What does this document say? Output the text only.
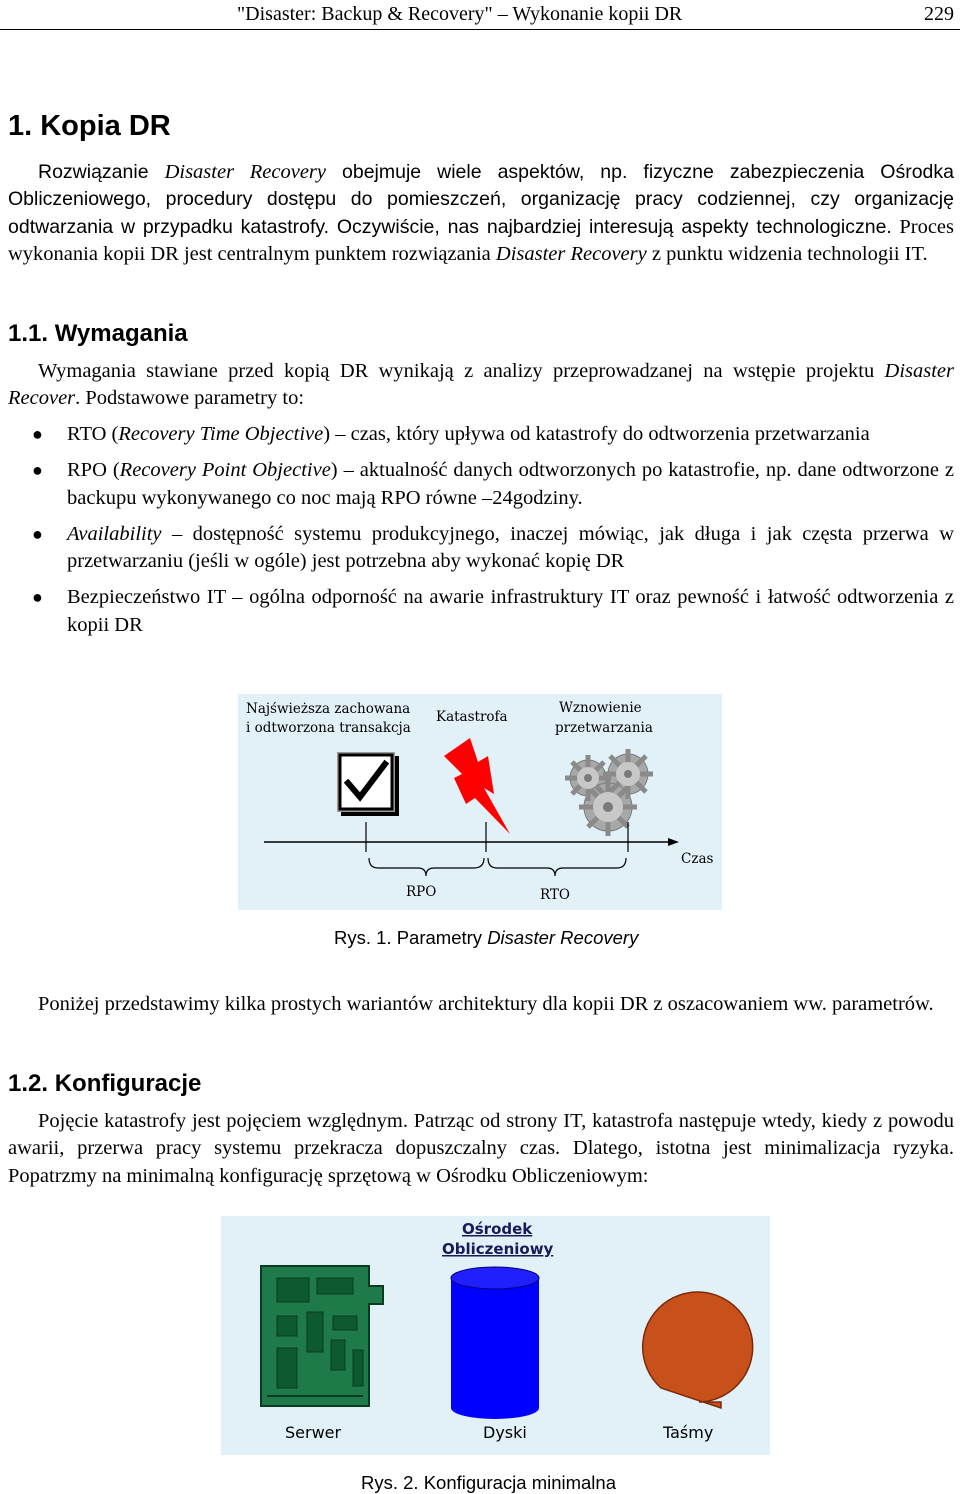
"Disaster: Backup & Recovery" – Wykonanie kopii DR	229
1. Kopia DR

Rozwiązanie Disaster Recovery obejmuje wiele aspektów, np. fizyczne zabezpieczenia Ośrodka Obliczeniowego, procedury dostępu do pomieszczeń, organizację pracy codziennej, czy organizację odtwarzania w przypadku katastrofy. Oczywiście, nas najbardziej interesują aspekty technologiczne. Proces wykonania kopii DR jest centralnym punktem rozwiązania Disaster Recovery z punktu widzenia technologii IT.

1.1. Wymagania

Wymagania stawiane przed kopią DR wynikają z analizy przeprowadzanej na wstępie projektu Disaster Recover. Podstawowe parametry to:

● RTO (Recovery Time Objective) – czas, który upływa od katastrofy do odtworzenia przetwarzania
● RPO (Recovery Point Objective) – aktualność danych odtworzonych po katastrofie, np. dane odtworzone z backupu wykonywanego co noc mają RPO równe –24godziny.
● Availability – dostępność systemu produkcyjnego, inaczej mówiąc, jak długa i jak częsta przerwa w przetwarzaniu (jeśli w ogóle) jest potrzebna aby wykonać kopię DR
● Bezpieczeństwo IT – ogólna odporność na awarie infrastruktury IT oraz pewność i łatwość odtworzenia z kopii DR
Najświeższa zachowana
i odtworzona transakcja
Katastrofa
Wznowienie
przetwarzania
Czas
RPO	RTO
Rys. 1. Parametry Disaster Recovery

Poniżej przedstawimy kilka prostych wariantów architektury dla kopii DR z oszacowaniem ww. parametrów.

1.2. Konfiguracje

Pojęcie katastrofy jest pojęciem względnym. Patrząc od strony IT, katastrofa następuje wtedy, kiedy z powodu awarii, przerwa pracy systemu przekracza dopuszczalny czas. Dlatego, istotna jest minimalizacja ryzyka. Popatrzmy na minimalną konfigurację sprzętową w Ośrodku Obliczeniowym:

Ośrodek
Obliczeniowy
Serwer	Dyski	Taśmy
Rys. 2. Konfiguracja minimalna
